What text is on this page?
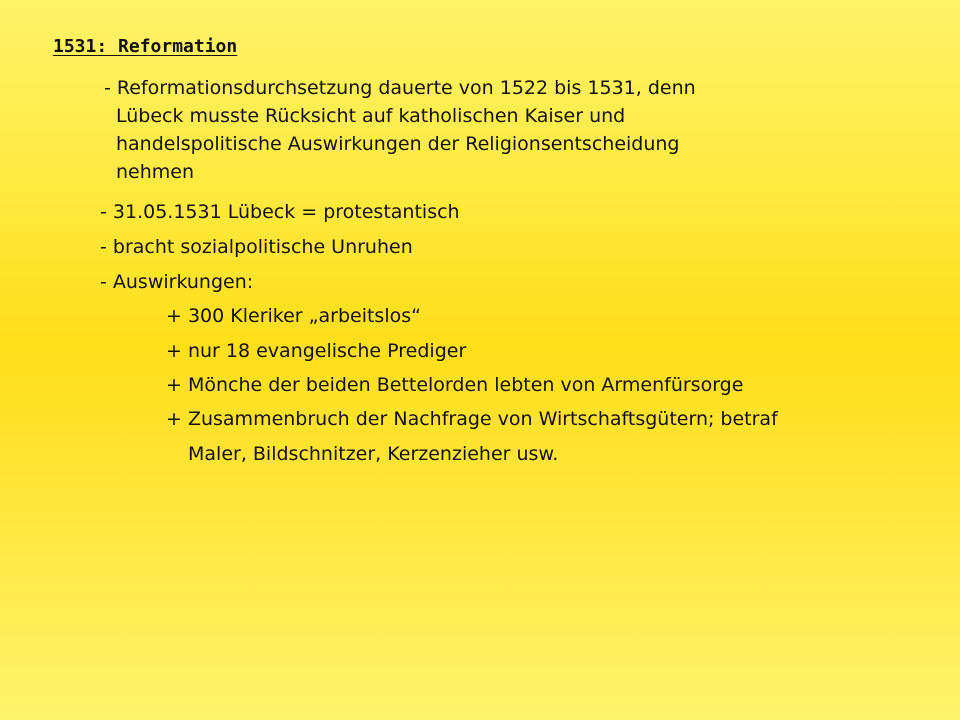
1531: Reformation
- Reformationsdurchsetzung dauerte von 1522 bis 1531, denn
Lübeck musste Rücksicht auf katholischen Kaiser und
handelspolitische Auswirkungen der Religionsentscheidung
nehmen
- 31.05.1531 Lübeck = protestantisch
- bracht sozialpolitische Unruhen
- Auswirkungen:
+ 300 Kleriker „arbeitslos“
+ nur 18 evangelische Prediger
+ Mönche der beiden Bettelorden lebten von Armenfürsorge
+ Zusammenbruch der Nachfrage von Wirtschaftsgütern; betraf
Maler, Bildschnitzer, Kerzenzieher usw.
